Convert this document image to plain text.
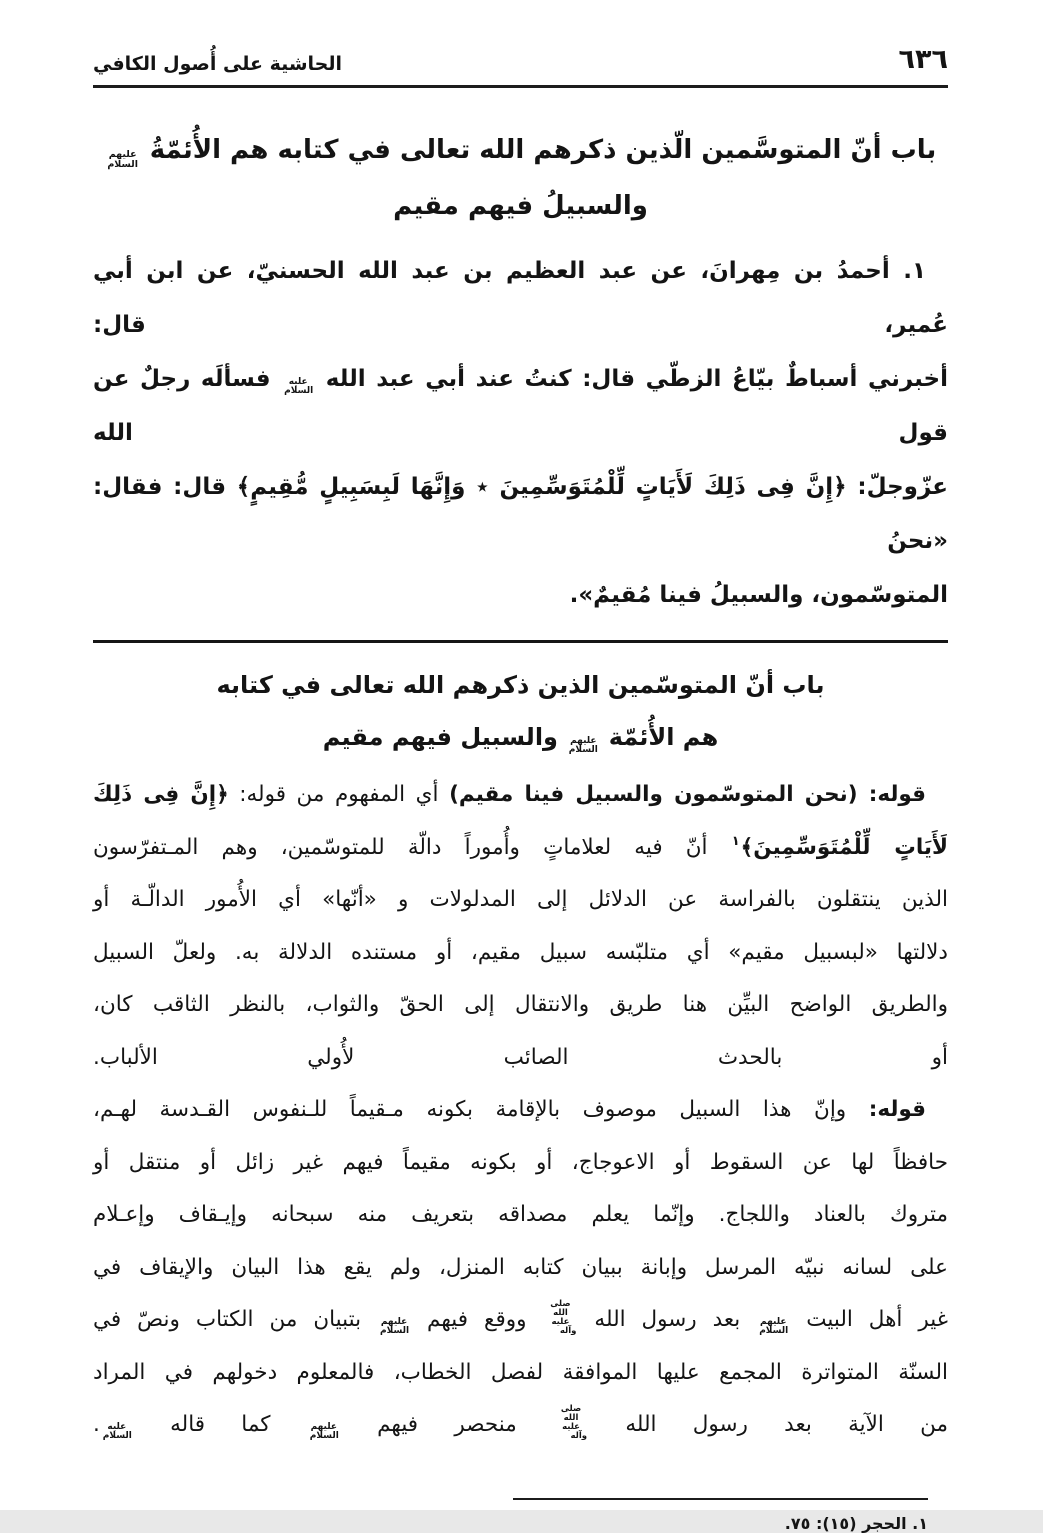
٦٣٦
الحاشية على أُصول الكافي
باب أنّ المتوسَّمين الّذين ذكرهم الله تعالى في كتابه هم الأُئمّةُ عليهم السلام
والسبيلُ فيهم مقيم

١. أحمدُ بن مِهرانَ، عن عبد العظيم بن عبد الله الحسنيّ، عن ابن أبي عُمير، قال:

أخبرني أسباطٌ بيّاعُ الزطّي قال: كنتُ عند أبي عبد الله عليه السلام فسألَه رجلٌ عن قول الله

عزّوجلّ: ﴿إِنَّ فِى ذَلِكَ لَأَيَاتٍ لِّلْمُتَوَسِّمِينَ ٭ وَإِنَّهَا لَبِسَبِيلٍ مُّقِيمٍ﴾ قال: فقال: «نحنُ

المتوسّمون، والسبيلُ فينا مُقيمٌ».

باب أنّ المتوسّمين الذين ذكرهم الله تعالى في كتابه
هم الأُئمّة عليهم السلام والسبيل فيهم مقيم

قوله: (نحن المتوسّمون والسبيل فينا مقيم) أي المفهوم من قوله: ﴿إِنَّ فِى ذَلِكَ

لَأَيَاتٍ لِّلْمُتَوَسِّمِينَ﴾$^١$ أنّ فيه لعلاماتٍ وأُموراً دالّة للمتوسّمين، وهم المـتفرّسون

الذين ينتقلون بالفراسة عن الدلائل إلى المدلولات و «أنّها» أي الأُمور الدالّـة أو

دلالتها «لبسبيل مقيم» أي متلبّسه سبيل مقيم، أو مستنده الدلالة به. ولعلّ السبيل

والطريق الواضح البيِّن هنا طريق والانتقال إلى الحقّ والثواب، بالنظر الثاقب كان،

أو بالحدث الصائب لأُولي الألباب.

قوله: وإنّ هذا السبيل موصوف بالإقامة بكونه مـقيماً للـنفوس القـدسة لهـم،

حافظاً لها عن السقوط أو الاعوجاج، أو بكونه مقيماً فيهم غير زائل أو منتقل أو

متروك بالعناد واللجاج. وإنّما يعلم مصداقه بتعريف منه سبحانه وإيـقاف وإعـلام

على لسانه نبيّه المرسل وإبانة ببيان كتابه المنزل، ولم يقع هذا البيان والإيقاف في

غير أهل البيت عليهم السلام بعد رسول الله صلى الله عليه وآله ووقع فيهم عليهم السلام بتبيان من الكتاب ونصّ في

السنّة المتواترة المجمع عليها الموافقة لفصل الخطاب، فالمعلوم دخولهم في المراد

من الآية بعد رسول الله صلى الله عليه وآله منحصر فيهم عليهم السلام كما قاله عليه السلام.

١. الحجر (١٥): ٧٥.
